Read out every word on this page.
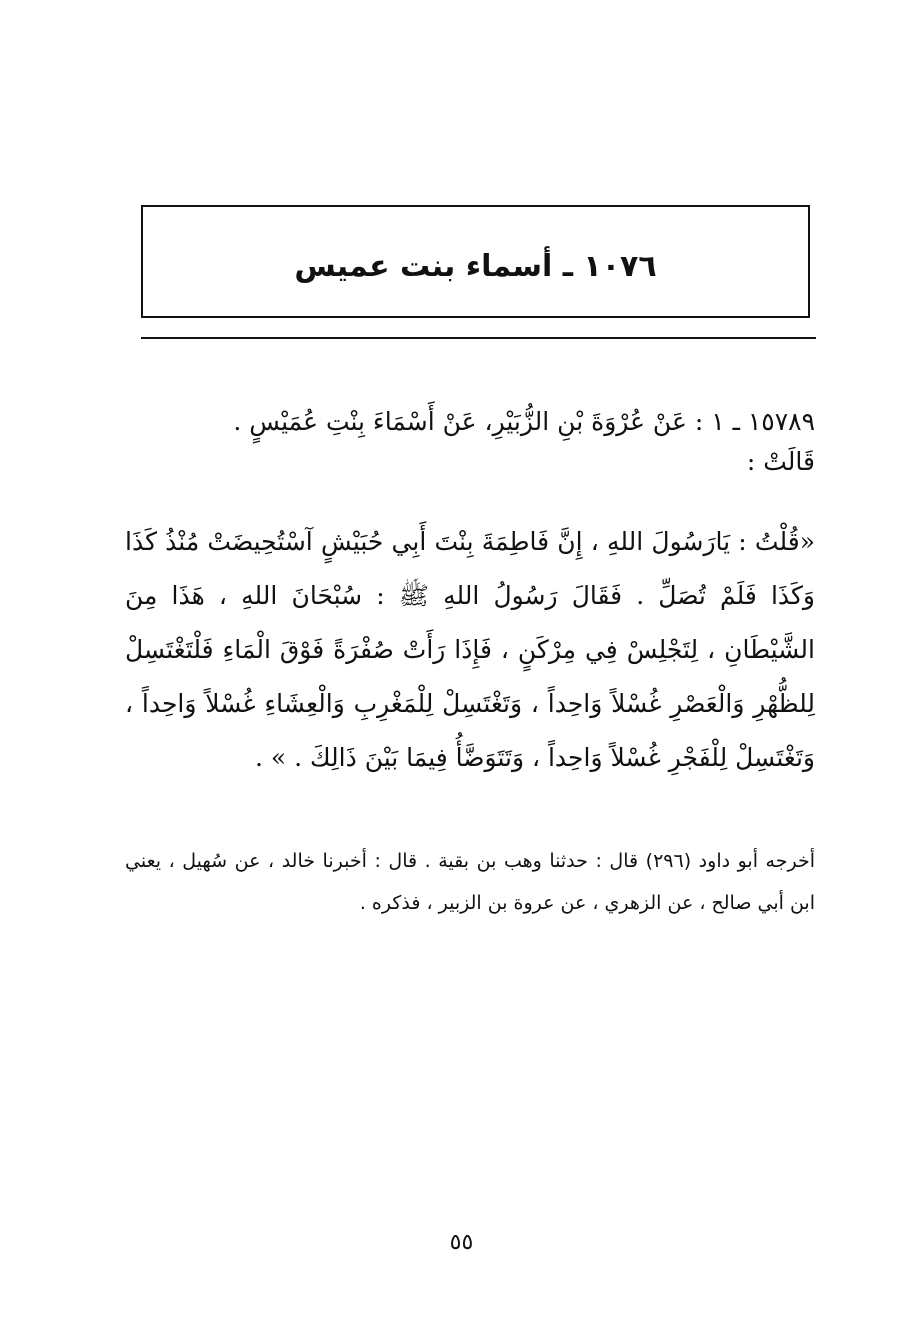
١٠٧٦ ـ أسماء بنت عميس

١٥٧٨٩ ـ ١ : عَنْ عُرْوَةَ بْنِ الزُّبَيْرِ، عَنْ أَسْمَاءَ بِنْتِ عُمَيْسٍ .
قَالَتْ :

«قُلْتُ : يَارَسُولَ اللهِ ، إِنَّ فَاطِمَةَ بِنْتَ أَبِي حُبَيْشٍ آسْتُحِيضَتْ مُنْذُ كَذَا وَكَذَا فَلَمْ تُصَلِّ . فَقَالَ رَسُولُ اللهِ ﷺ : سُبْحَانَ اللهِ ، هَذَا مِنَ الشَّيْطَانِ ، لِتَجْلِسْ فِي مِرْكَنٍ ، فَإِذَا رَأَتْ صُفْرَةً فَوْقَ الْمَاءِ فَلْتَغْتَسِلْ لِلظُّهْرِ وَالْعَصْرِ غُسْلاً وَاحِداً ، وَتَغْتَسِلْ لِلْمَغْرِبِ وَالْعِشَاءِ غُسْلاً وَاحِداً ، وَتَغْتَسِلْ لِلْفَجْرِ غُسْلاً وَاحِداً ، وَتَتَوَضَّأُ فِيمَا بَيْنَ ذَالِكَ . » .

أخرجه أبو داود (٢٩٦) قال : حدثنا وهب بن بقية . قال : أخبرنا خالد ، عن سُهيل ، يعني ابن أبي صالح ، عن الزهري ، عن عروة بن الزبير ، فذكره .

٥٥
